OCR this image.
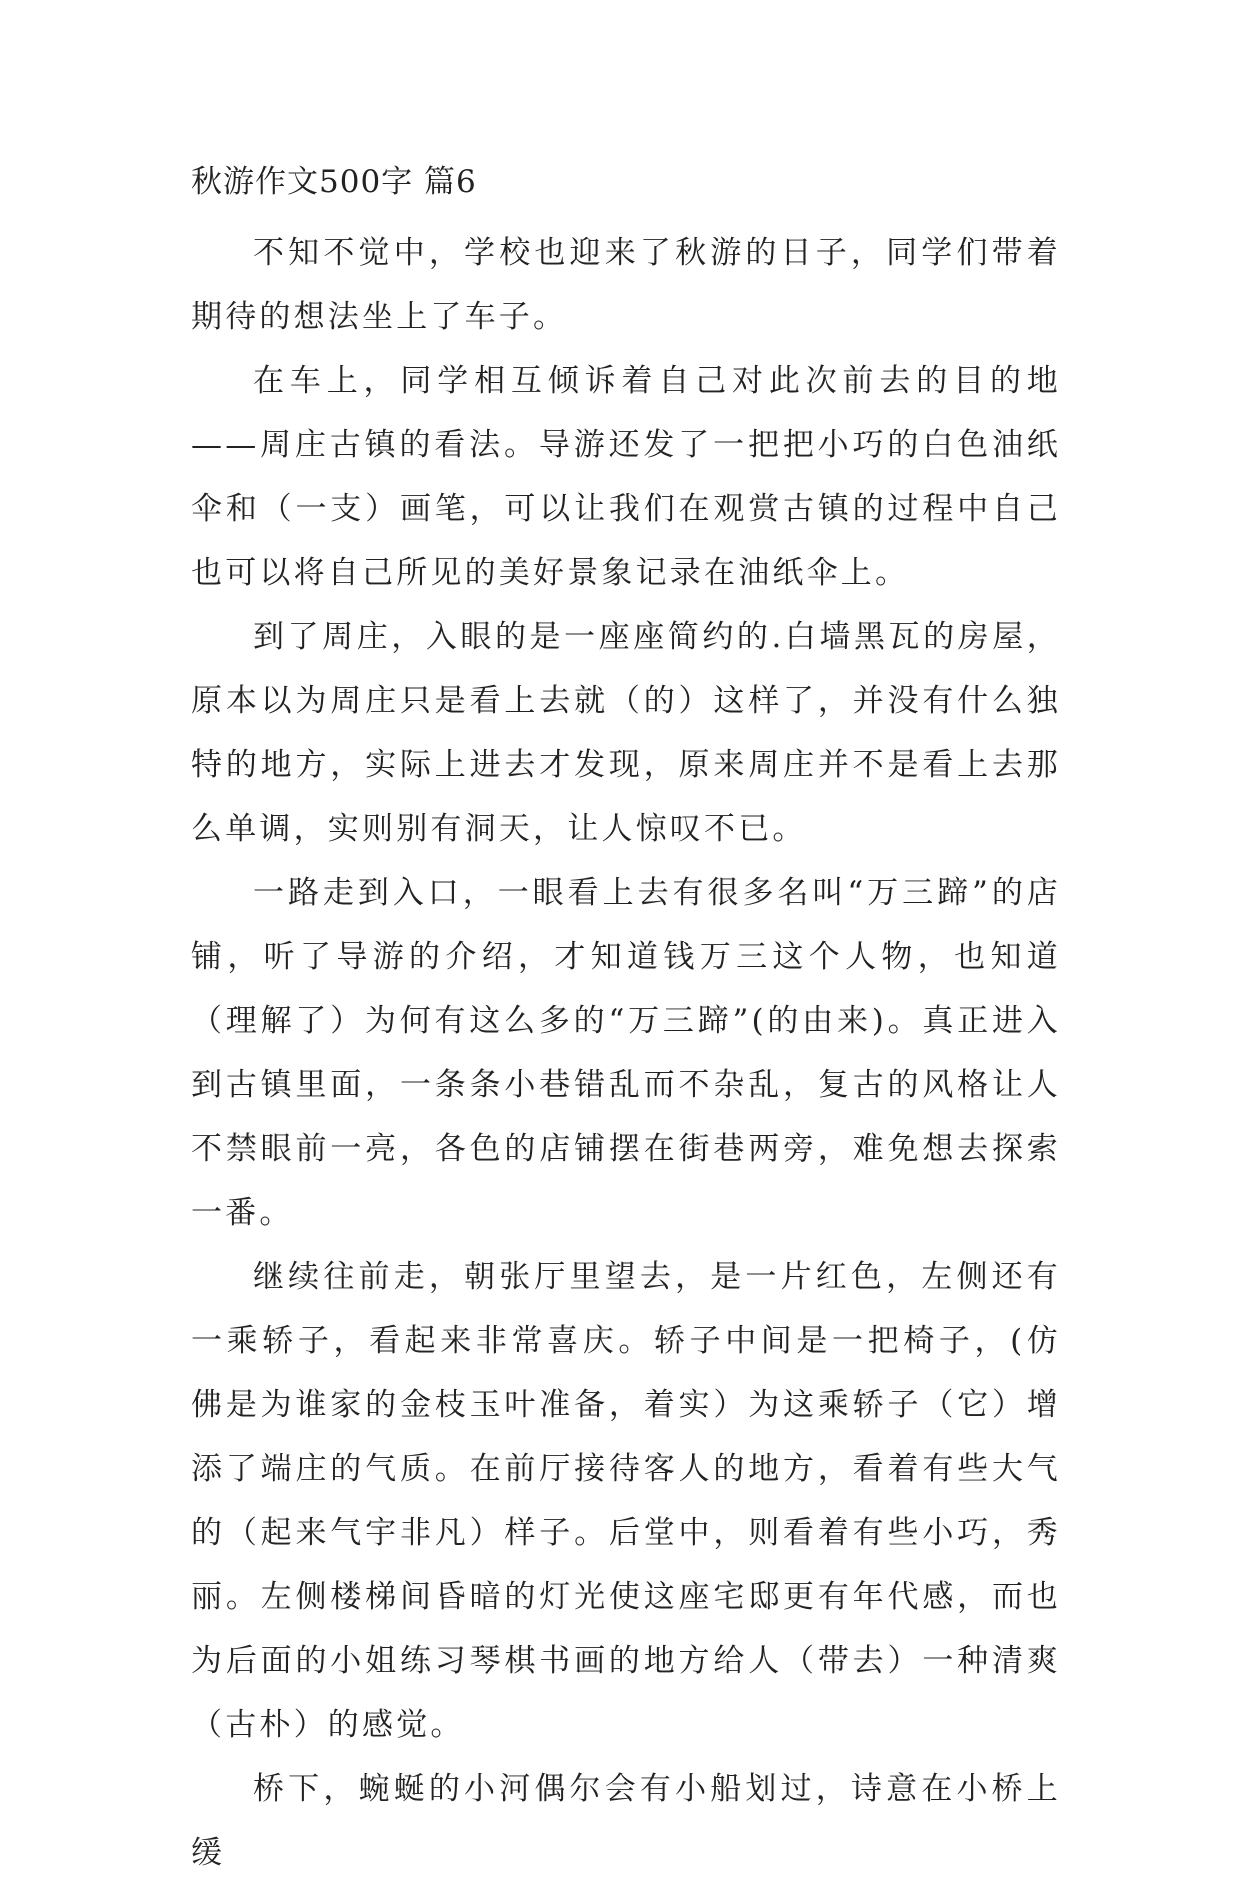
秋游作文500字 篇6

不知不觉中，学校也迎来了秋游的日子，同学们带着期待的想法坐上了车子。

在车上，同学相互倾诉着自己对此次前去的目的地——周庄古镇的看法。导游还发了一把把小巧的白色油纸伞和（一支）画笔，可以让我们在观赏古镇的过程中自己也可以将自己所见的美好景象记录在油纸伞上。

到了周庄，入眼的是一座座简约的.白墙黑瓦的房屋，原本以为周庄只是看上去就（的）这样了，并没有什么独特的地方，实际上进去才发现，原来周庄并不是看上去那么单调，实则别有洞天，让人惊叹不已。

一路走到入口，一眼看上去有很多名叫“万三蹄”的店铺，听了导游的介绍，才知道钱万三这个人物，也知道（理解了）为何有这么多的“万三蹄”(的由来)。真正进入到古镇里面，一条条小巷错乱而不杂乱，复古的风格让人不禁眼前一亮，各色的店铺摆在街巷两旁，难免想去探索一番。

继续往前走，朝张厅里望去，是一片红色，左侧还有一乘轿子，看起来非常喜庆。轿子中间是一把椅子，(仿佛是为谁家的金枝玉叶准备，着实）为这乘轿子（它）增添了端庄的气质。在前厅接待客人的地方，看着有些大气的（起来气宇非凡）样子。后堂中，则看着有些小巧，秀丽。左侧楼梯间昏暗的灯光使这座宅邸更有年代感，而也为后面的小姐练习琴棋书画的地方给人（带去）一种清爽（古朴）的感觉。

桥下，蜿蜒的小河偶尔会有小船划过，诗意在小桥上缓
